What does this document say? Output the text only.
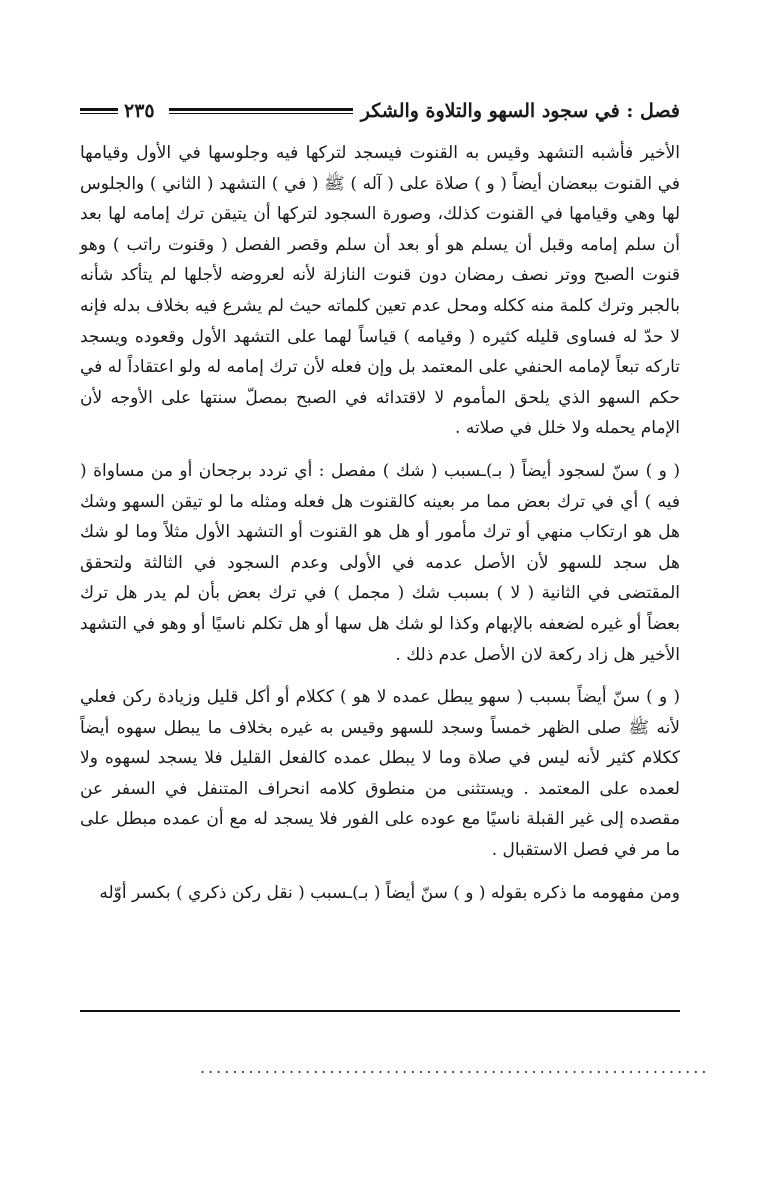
فصل : في سجود السهو والتلاوة والشكر
٢٣٥

الأخير فأشبه التشهد وقيس به القنوت فيسجد لتركها فيه وجلوسها في الأول وقيامها في القنوت ببعضان أيضاً ( و ) صلاة على ( آله ) ﷺ ( في ) التشهد ( الثاني ) والجلوس لها وهي وقيامها في القنوت كذلك، وصورة السجود لتركها أن يتيقن ترك إمامه لها بعد أن سلم إمامه وقبل أن يسلم هو أو بعد أن سلم وقصر الفصل ( وقنوت راتب ) وهو قنوت الصبح ووتر نصف رمضان دون قنوت النازلة لأنه لعروضه لأجلها لم يتأكد شأنه بالجبر وترك كلمة منه ككله ومحل عدم تعين كلماته حيث لم يشرع فيه بخلاف بدله فإنه لا حدّ له فساوى قليله كثيره ( وقيامه ) قياساً لهما على التشهد الأول وقعوده ويسجد تاركه تبعاً لإمامه الحنفي على المعتمد بل وإن فعله لأن ترك إمامه له ولو اعتقاداً له في حكم السهو الذي يلحق المأموم لا لاقتدائه في الصبح بمصلّ سنتها على الأوجه لأن الإمام يحمله ولا خلل في صلاته .

( و ) سنّ لسجود أيضاً ( بـ)ـسبب ( شك ) مفصل : أي تردد برجحان أو من مساواة ( فيه ) أي في ترك بعض مما مر بعينه كالقنوت هل فعله ومثله ما لو تيقن السهو وشك هل هو ارتكاب منهي أو ترك مأمور أو هل هو القنوت أو التشهد الأول مثلاً وما لو شك هل سجد للسهو لأن الأصل عدمه في الأولى وعدم السجود في الثالثة ولتحقق المقتضى في الثانية ( لا ) بسبب شك ( مجمل ) في ترك بعض بأن لم يدر هل ترك بعضاً أو غيره لضعفه بالإبهام وكذا لو شك هل سها أو هل تكلم ناسيًا أو وهو في التشهد الأخير هل زاد ركعة لان الأصل عدم ذلك .

( و ) سنّ أيضاً بسبب ( سهو يبطل عمده لا هو ) ككلام أو أكل قليل وزيادة ركن فعلي لأنه ﷺ صلى الظهر خمساً وسجد للسهو وقيس به غيره بخلاف ما يبطل سهوه أيضاً ككلام كثير لأنه ليس في صلاة وما لا يبطل عمده كالفعل القليل فلا يسجد لسهوه ولا لعمده على المعتمد . ويستثنى من منطوق كلامه انحراف المتنفل في السفر عن مقصده إلى غير القبلة ناسيًا مع عوده على الفور فلا يسجد له مع أن عمده مبطل على ما مر في فصل الاستقبال .

ومن مفهومه ما ذكره بقوله ( و ) سنّ أيضاً ( بـ)ـسبب ( نقل ركن ذكري ) بكسر أوّله

...............................................................
